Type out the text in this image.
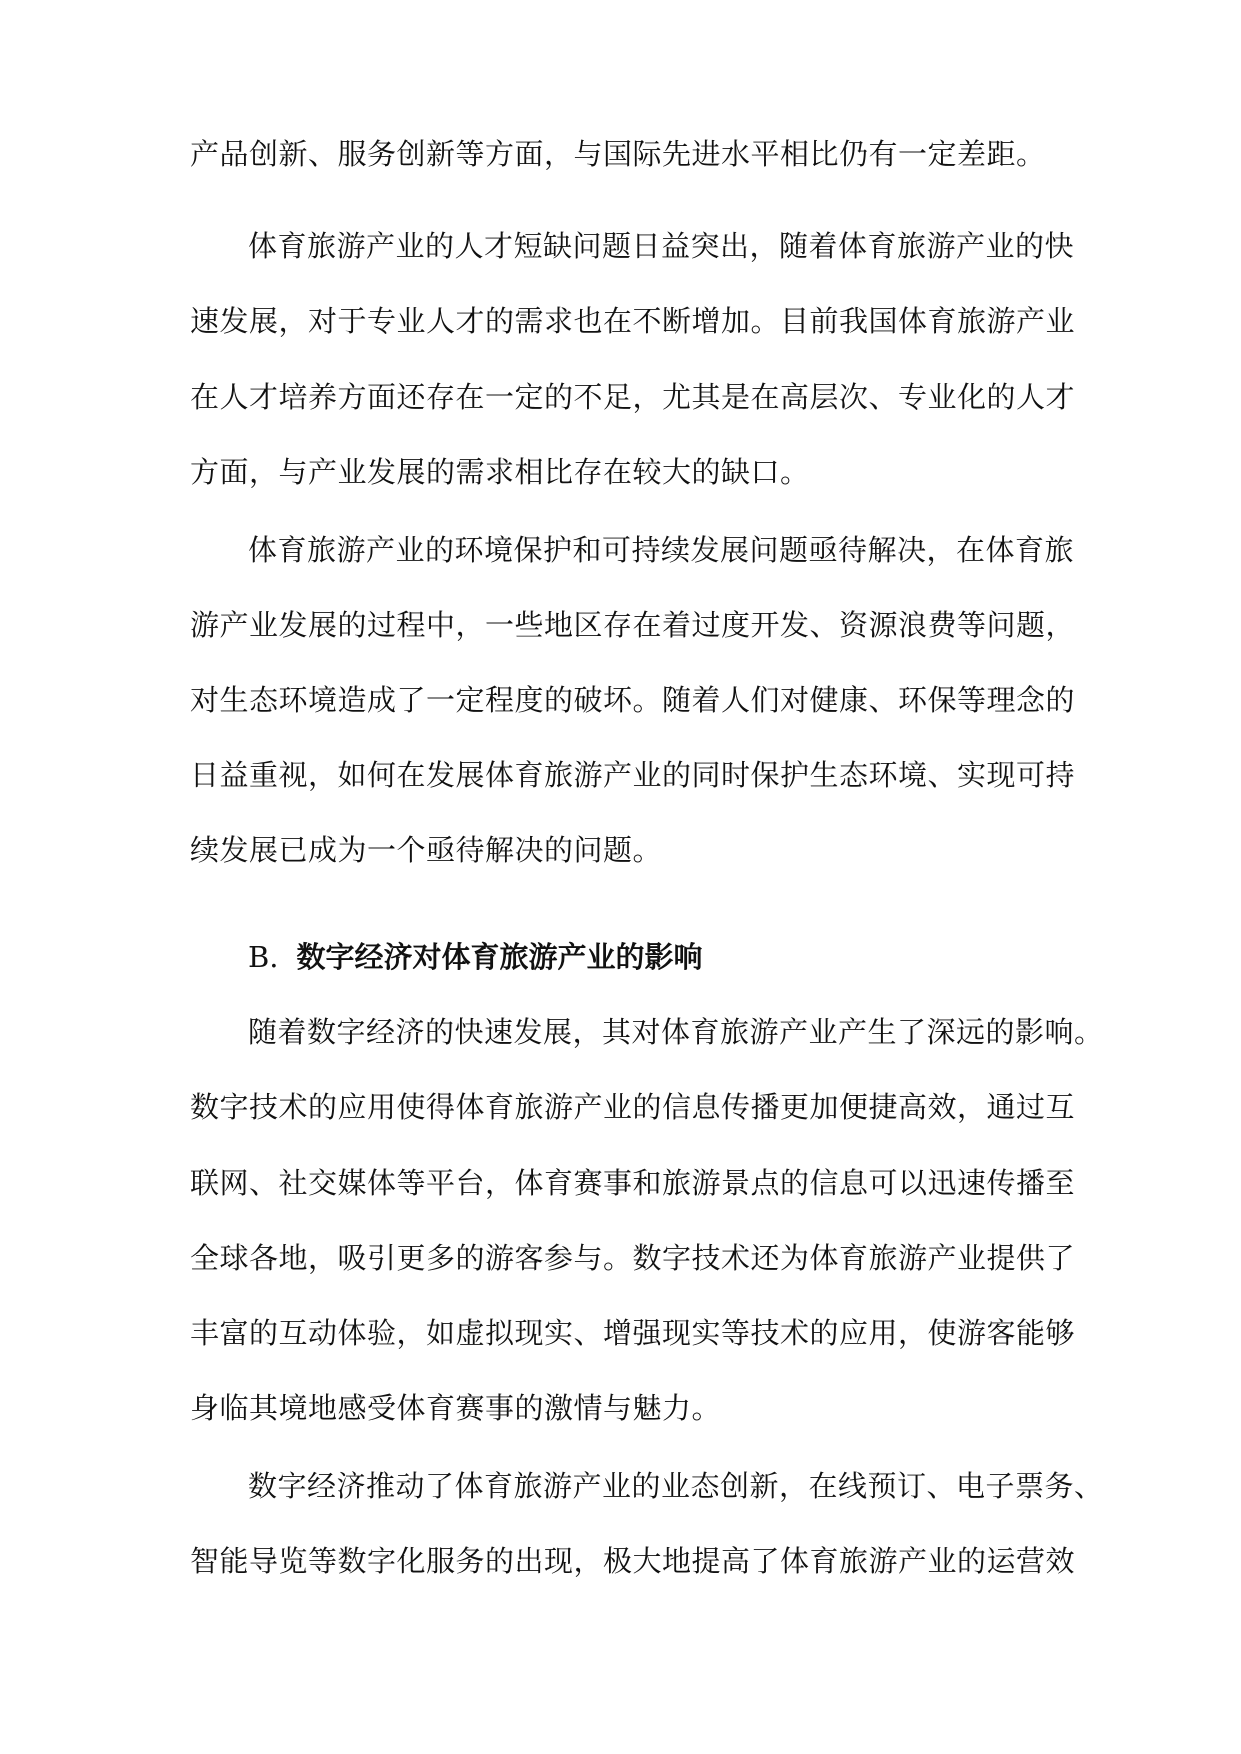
产品创新、服务创新等方面，与国际先进水平相比仍有一定差距。
体育旅游产业的人才短缺问题日益突出，随着体育旅游产业的快
速发展，对于专业人才的需求也在不断增加。目前我国体育旅游产业
在人才培养方面还存在一定的不足，尤其是在高层次、专业化的人才
方面，与产业发展的需求相比存在较大的缺口。
体育旅游产业的环境保护和可持续发展问题亟待解决，在体育旅
游产业发展的过程中，一些地区存在着过度开发、资源浪费等问题，
对生态环境造成了一定程度的破坏。随着人们对健康、环保等理念的
日益重视，如何在发展体育旅游产业的同时保护生态环境、实现可持
续发展已成为一个亟待解决的问题。
B. 数字经济对体育旅游产业的影响
随着数字经济的快速发展，其对体育旅游产业产生了深远的影响。
数字技术的应用使得体育旅游产业的信息传播更加便捷高效，通过互
联网、社交媒体等平台，体育赛事和旅游景点的信息可以迅速传播至
全球各地，吸引更多的游客参与。数字技术还为体育旅游产业提供了
丰富的互动体验，如虚拟现实、增强现实等技术的应用，使游客能够
身临其境地感受体育赛事的激情与魅力。
数字经济推动了体育旅游产业的业态创新，在线预订、电子票务、
智能导览等数字化服务的出现，极大地提高了体育旅游产业的运营效
